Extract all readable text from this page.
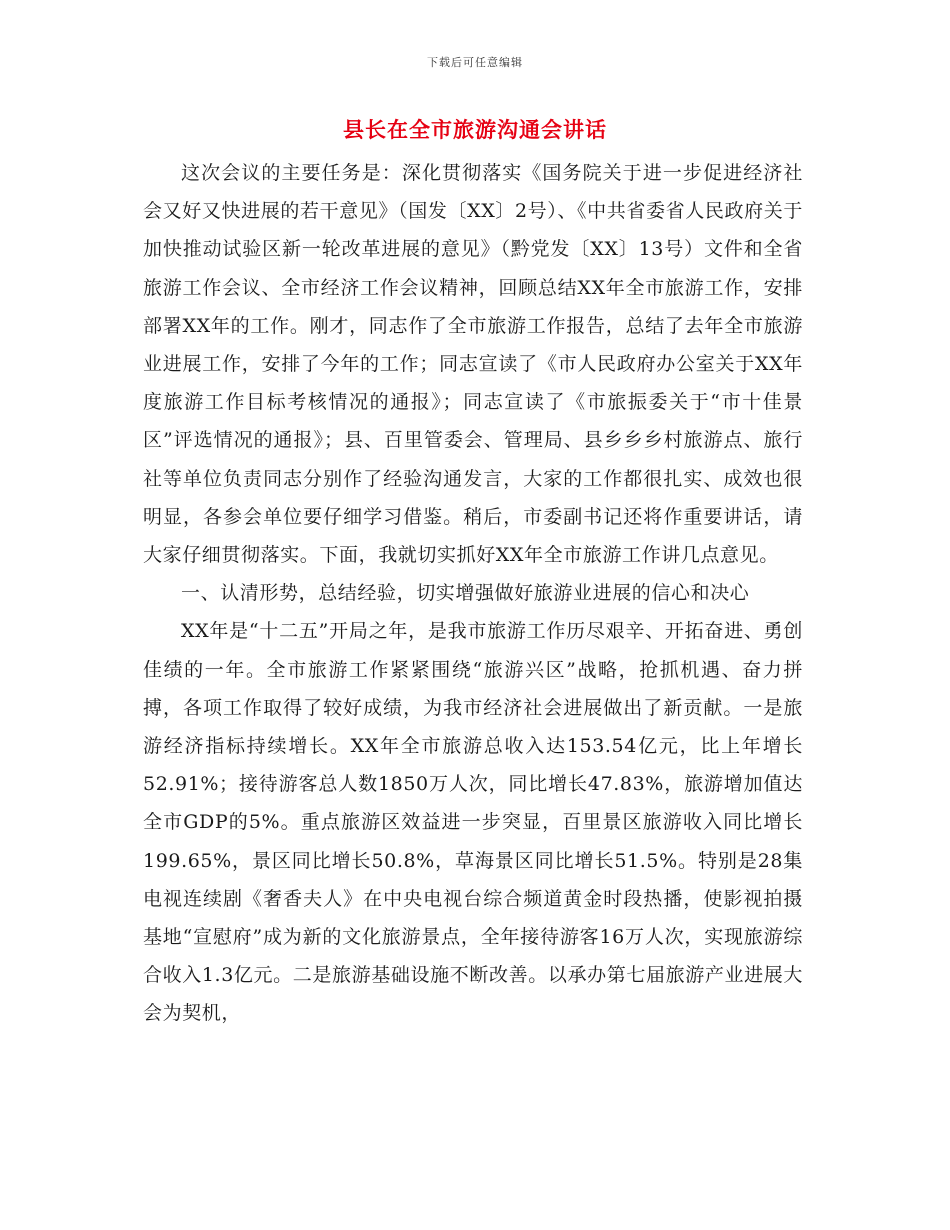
下载后可任意编辑
县长在全市旅游沟通会讲话

这次会议的主要任务是：深化贯彻落实《国务院关于进一步促进经济社会又好又快进展的若干意见》（国发〔XX〕2号）、《中共省委省人民政府关于加快推动试验区新一轮改革进展的意见》（黔党发〔XX〕13号）文件和全省旅游工作会议、全市经济工作会议精神，回顾总结XX年全市旅游工作，安排部署XX年的工作。刚才，同志作了全市旅游工作报告，总结了去年全市旅游业进展工作，安排了今年的工作；同志宣读了《市人民政府办公室关于XX年度旅游工作目标考核情况的通报》；同志宣读了《市旅振委关于“市十佳景区”评选情况的通报》；县、百里管委会、管理局、县乡乡乡村旅游点、旅行社等单位负责同志分别作了经验沟通发言，大家的工作都很扎实、成效也很明显，各参会单位要仔细学习借鉴。稍后，市委副书记还将作重要讲话，请大家仔细贯彻落实。下面，我就切实抓好XX年全市旅游工作讲几点意见。

一、认清形势，总结经验，切实增强做好旅游业进展的信心和决心

XX年是“十二五”开局之年，是我市旅游工作历尽艰辛、开拓奋进、勇创佳绩的一年。全市旅游工作紧紧围绕“旅游兴区”战略，抢抓机遇、奋力拼搏，各项工作取得了较好成绩，为我市经济社会进展做出了新贡献。一是旅游经济指标持续增长。XX年全市旅游总收入达153.54亿元，比上年增长52.91%；接待游客总人数1850万人次，同比增长47.83%，旅游增加值达全市GDP的5%。重点旅游区效益进一步突显，百里景区旅游收入同比增长199.65%，景区同比增长50.8%，草海景区同比增长51.5%。特别是28集电视连续剧《奢香夫人》在中央电视台综合频道黄金时段热播，使影视拍摄基地“宣慰府”成为新的文化旅游景点，全年接待游客16万人次，实现旅游综合收入1.3亿元。二是旅游基础设施不断改善。以承办第七届旅游产业进展大会为契机，
